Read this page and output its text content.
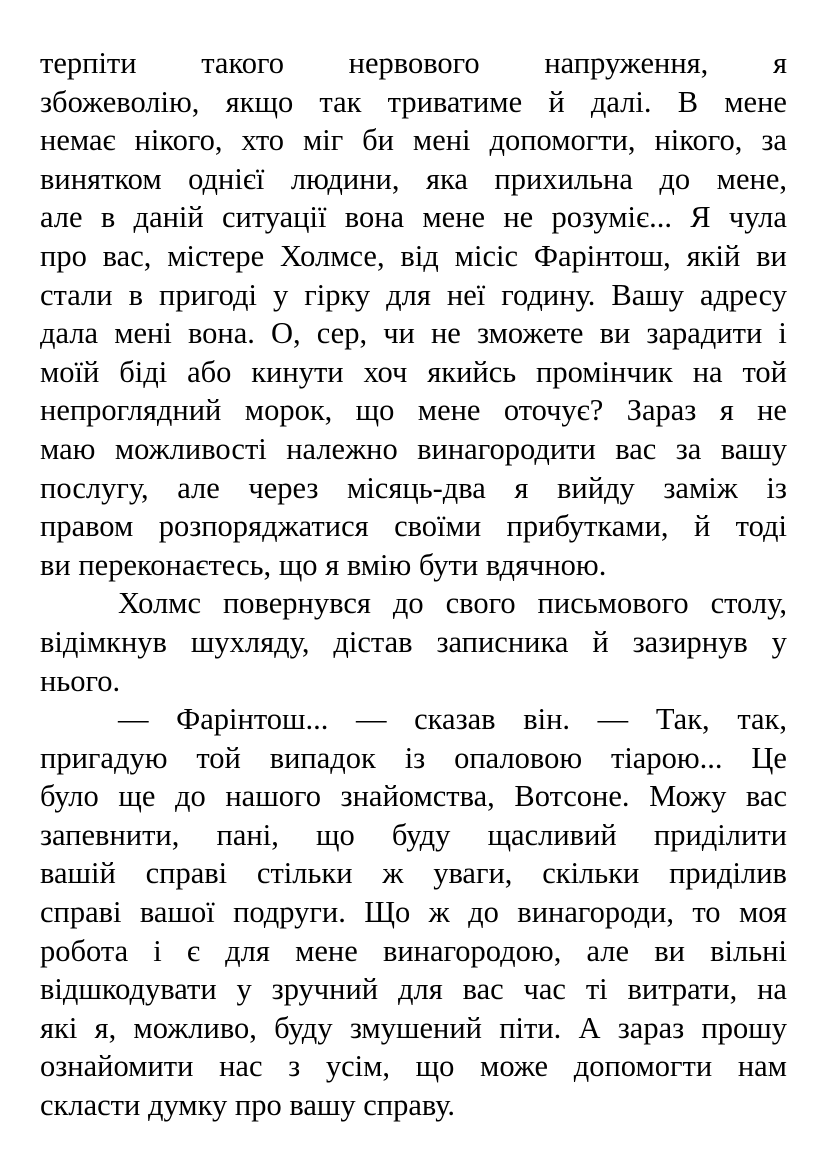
терпіти такого нервового напруження, я
збожеволію, якщо так триватиме й далі. В мене
немає нікого, хто міг би мені допомогти, нікого, за
винятком однієї людини, яка прихильна до мене,
але в даній ситуації вона мене не розуміє... Я чула
про вас, містере Холмсе, від місіс Фарінтош, якій ви
стали в пригоді у гірку для неї годину. Вашу адресу
дала мені вона. О, сер, чи не зможете ви зарадити і
моїй біді або кинути хоч якийсь промінчик на той
непроглядний морок, що мене оточує? Зараз я не
маю можливості належно винагородити вас за вашу
послугу, але через місяць-два я вийду заміж із
правом розпоряджатися своїми прибутками, й тоді
ви переконаєтесь, що я вмію бути вдячною.
Холмс повернувся до свого письмового столу,
відімкнув шухляду, дістав записника й зазирнув у
нього.
— Фарінтош... — сказав він. — Так, так,
пригадую той випадок із опаловою тіарою... Це
було ще до нашого знайомства, Вотсоне. Можу вас
запевнити, пані, що буду щасливий приділити
вашій справі стільки ж уваги, скільки приділив
справі вашої подруги. Що ж до винагороди, то моя
робота і є для мене винагородою, але ви вільні
відшкодувати у зручний для вас час ті витрати, на
які я, можливо, буду змушений піти. А зараз прошу
ознайомити нас з усім, що може допомогти нам
скласти думку про вашу справу.
